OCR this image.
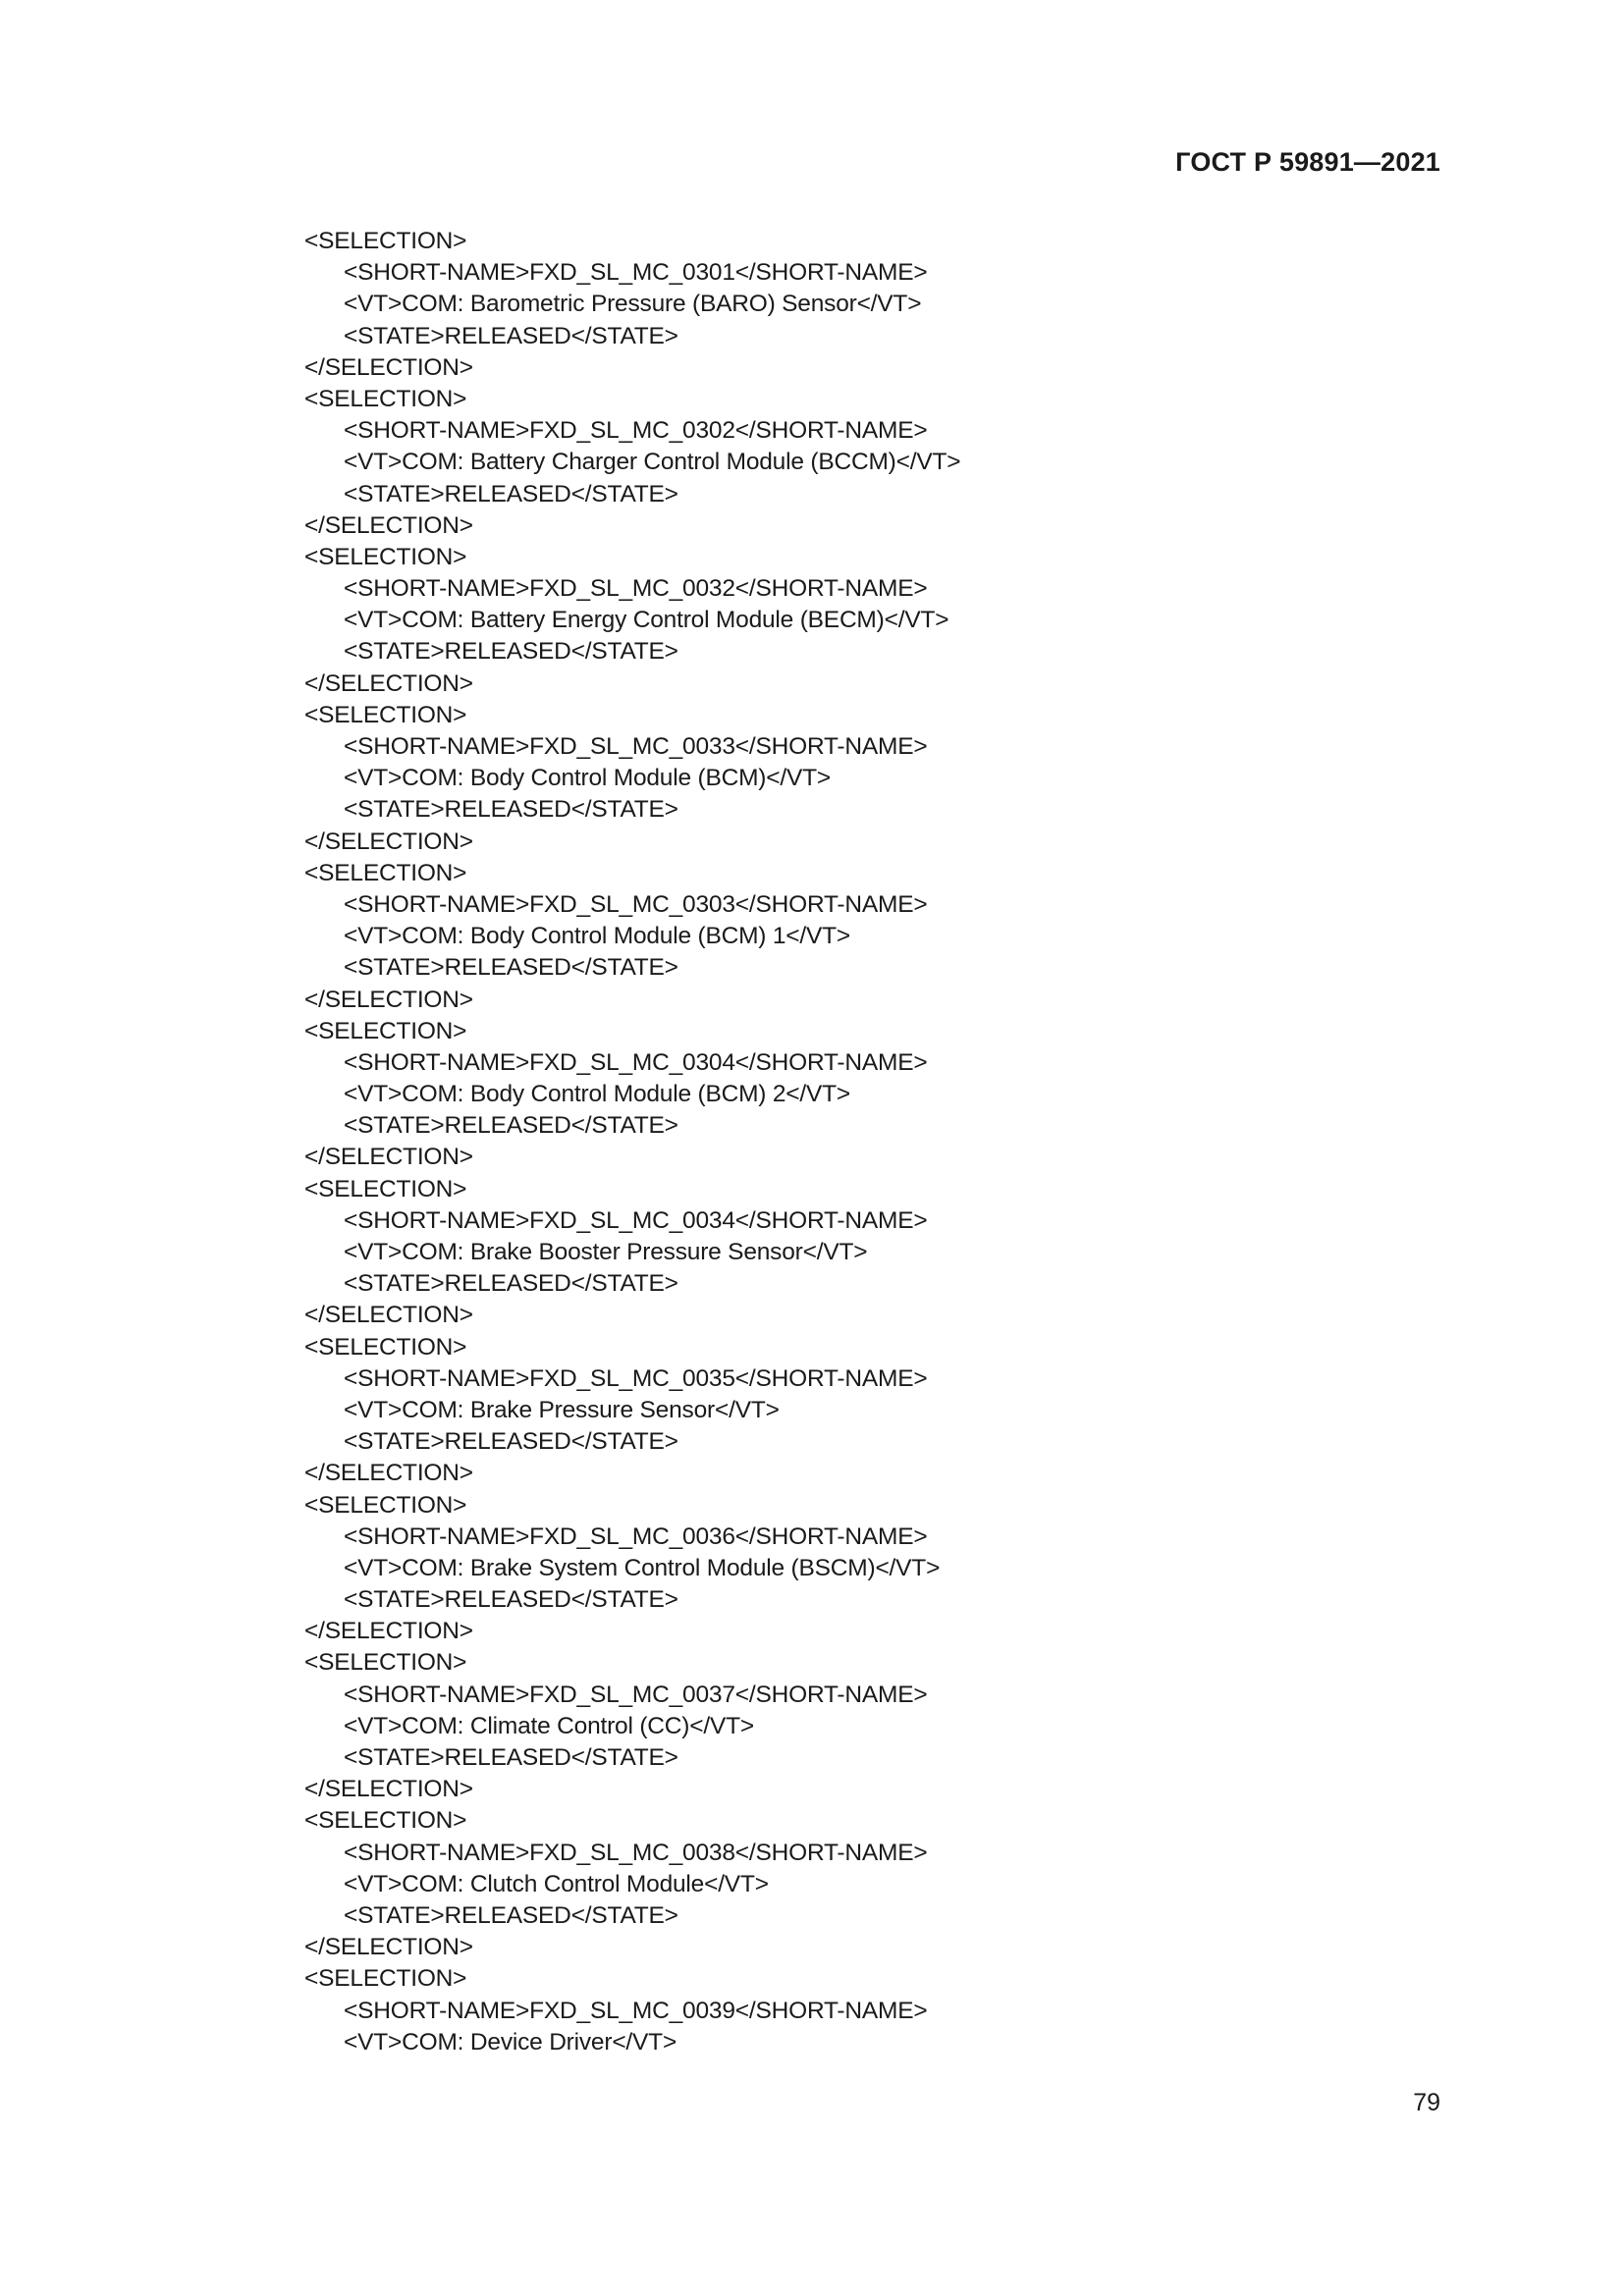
ГОСТ Р 59891—2021
<SELECTION>
<SHORT-NAME>FXD_SL_MC_0301</SHORT-NAME>
<VT>COM: Barometric Pressure (BARO) Sensor</VT>
<STATE>RELEASED</STATE>
</SELECTION>
<SELECTION>
<SHORT-NAME>FXD_SL_MC_0302</SHORT-NAME>
<VT>COM: Battery Charger Control Module (BCCM)</VT>
<STATE>RELEASED</STATE>
</SELECTION>
<SELECTION>
<SHORT-NAME>FXD_SL_MC_0032</SHORT-NAME>
<VT>COM: Battery Energy Control Module (BECM)</VT>
<STATE>RELEASED</STATE>
</SELECTION>
<SELECTION>
<SHORT-NAME>FXD_SL_MC_0033</SHORT-NAME>
<VT>COM: Body Control Module (BCM)</VT>
<STATE>RELEASED</STATE>
</SELECTION>
<SELECTION>
<SHORT-NAME>FXD_SL_MC_0303</SHORT-NAME>
<VT>COM: Body Control Module (BCM) 1</VT>
<STATE>RELEASED</STATE>
</SELECTION>
<SELECTION>
<SHORT-NAME>FXD_SL_MC_0304</SHORT-NAME>
<VT>COM: Body Control Module (BCM) 2</VT>
<STATE>RELEASED</STATE>
</SELECTION>
<SELECTION>
<SHORT-NAME>FXD_SL_MC_0034</SHORT-NAME>
<VT>COM: Brake Booster Pressure Sensor</VT>
<STATE>RELEASED</STATE>
</SELECTION>
<SELECTION>
<SHORT-NAME>FXD_SL_MC_0035</SHORT-NAME>
<VT>COM: Brake Pressure Sensor</VT>
<STATE>RELEASED</STATE>
</SELECTION>
<SELECTION>
<SHORT-NAME>FXD_SL_MC_0036</SHORT-NAME>
<VT>COM: Brake System Control Module (BSCM)</VT>
<STATE>RELEASED</STATE>
</SELECTION>
<SELECTION>
<SHORT-NAME>FXD_SL_MC_0037</SHORT-NAME>
<VT>COM: Climate Control (CC)</VT>
<STATE>RELEASED</STATE>
</SELECTION>
<SELECTION>
<SHORT-NAME>FXD_SL_MC_0038</SHORT-NAME>
<VT>COM: Clutch Control Module</VT>
<STATE>RELEASED</STATE>
</SELECTION>
<SELECTION>
<SHORT-NAME>FXD_SL_MC_0039</SHORT-NAME>
<VT>COM: Device Driver</VT>
79
